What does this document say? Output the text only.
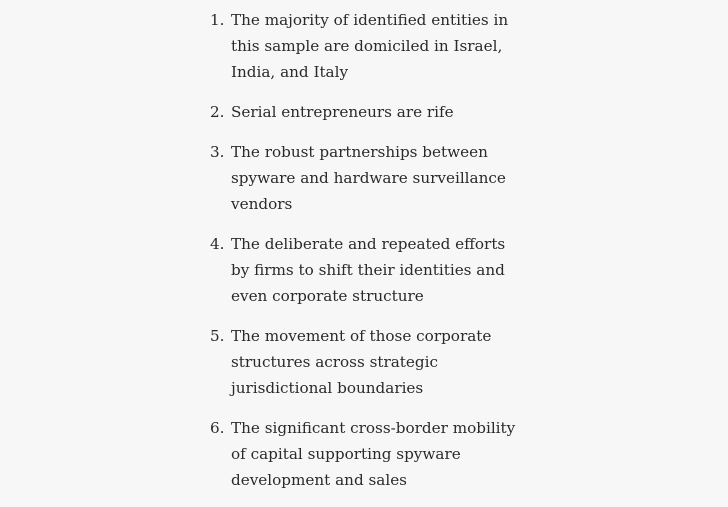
1. The majority of identified entities in this sample are domiciled in Israel, India, and Italy
2. Serial entrepreneurs are rife
3. The robust partnerships between spyware and hardware surveillance vendors
4. The deliberate and repeated efforts by firms to shift their identities and even corporate structure
5. The movement of those corporate structures across strategic jurisdictional boundaries
6. The significant cross-border mobility of capital supporting spyware development and sales
